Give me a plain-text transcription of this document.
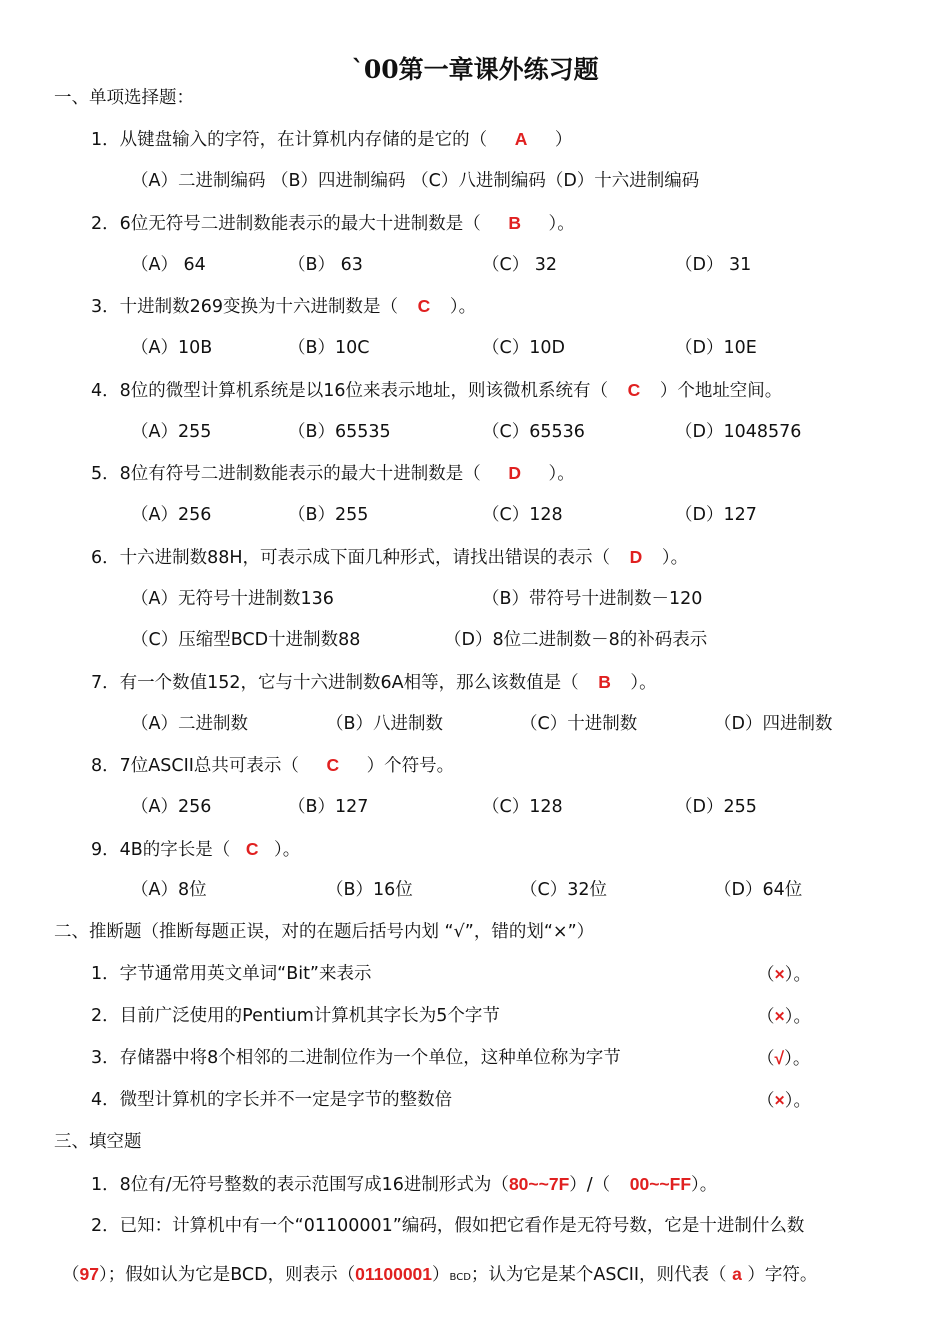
`00第一章课外练习题
一、单项选择题：
1．从键盘输入的字符，在计算机内存储的是它的（ A ）
（A）二进制编码 （B）四进制编码 （C）八进制编码（D）十六进制编码
2．6位无符号二进制数能表示的最大十进制数是（ B ）。
（A） 64	（B） 63	（C） 32	（D） 31
3．十进制数269变换为十六进制数是（ C ）。
（A）10B	（B）10C	（C）10D	（D）10E
4．8位的微型计算机系统是以16位来表示地址，则该微机系统有（ C ）个地址空间。
（A）255	（B）65535	（C）65536	（D）1048576
5．8位有符号二进制数能表示的最大十进制数是（ D ）。
（A）256	（B）255	（C）128	（D）127
6．十六进制数88H，可表示成下面几种形式，请找出错误的表示（ D ）。
（A）无符号十进制数136	（B）带符号十进制数－120
（C）压缩型BCD十进制数88	（D）8位二进制数－8的补码表示
7．有一个数值152，它与十六进制数6A相等，那么该数值是（ B ）。
（A）二进制数	（B）八进制数	（C）十进制数	（D）四进制数
8．7位ASCII总共可表示（ C ）个符号。
（A）256	（B）127	（C）128	（D）255
9．4B的字长是（ C ）。
（A）8位	（B）16位	（C）32位	（D）64位
二、推断题（推断每题正误，对的在题后括号内划 “√”，错的划“×”）
1．字节通常用英文单词“Bit”来表示	（×）。
2．目前广泛使用的Pentium计算机其字长为5个字节	（×）。
3．存储器中将8个相邻的二进制位作为一个单位，这种单位称为字节	（√）。
4．微型计算机的字长并不一定是字节的整数倍	（×）。
三、填空题
1．8位有/无符号整数的表示范围写成16进制形式为（80~~7F）/（ 00~~FF）。
2．已知：计算机中有一个“01100001”编码，假如把它看作是无符号数，它是十进制什么数
（97）；假如认为它是BCD，则表示（01100001）BCD；认为它是某个ASCII，则代表（ a ）字符。
